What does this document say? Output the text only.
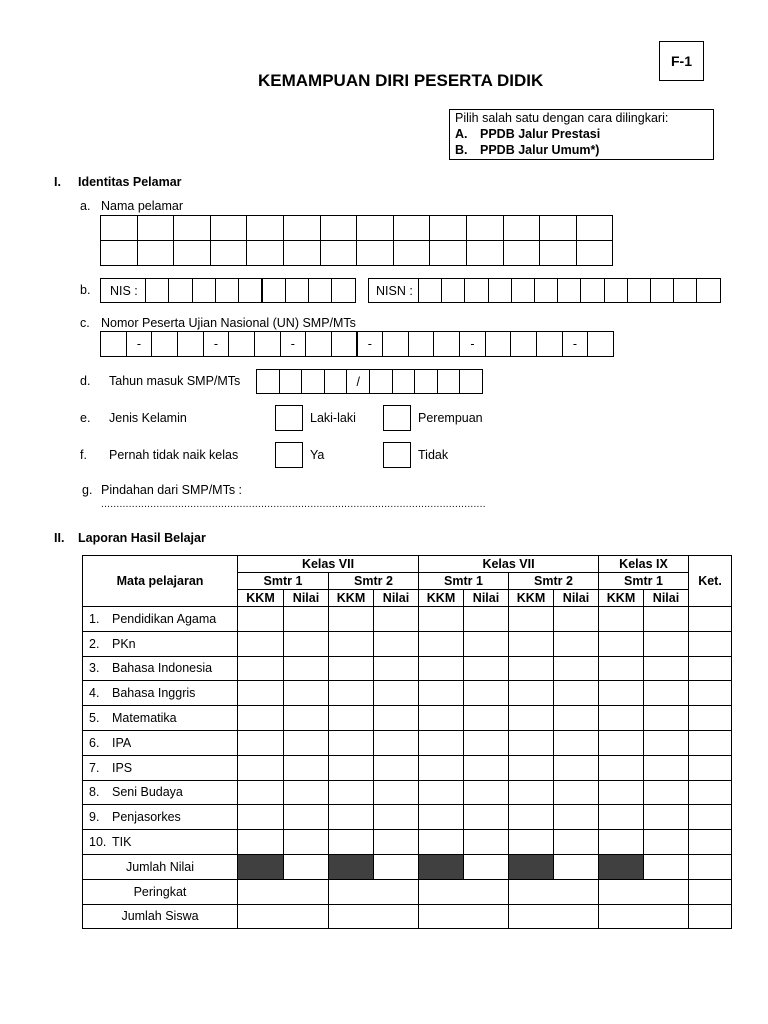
F-1
KEMAMPUAN DIRI PESERTA DIDIK
Pilih salah satu dengan cara dilingkari:
A. PPDB Jalur Prestasi
B. PPDB Jalur Umum*)
I. Identitas Pelamar
a. Nama pelamar
b. NIS :	NISN :
c. Nomor Peserta Ujian Nasional (UN) SMP/MTs
d. Tahun masuk SMP/MTs
e. Jenis Kelamin	Laki-laki	Perempuan
f. Pernah tidak naik kelas	Ya	Tidak
g. Pindahan dari SMP/MTs :
.............................................................................................................................
II. Laporan Hasil Belajar
Mata pelajaran	Kelas VII				Kelas VII				Kelas IX		Ket.
	Smtr 1		Smtr 2		Smtr 1		Smtr 2		Smtr 1		
	KKM	Nilai	KKM	Nilai	KKM	Nilai	KKM	Nilai	KKM	Nilai	
1. Pendidikan Agama											
2. PKn											
3. Bahasa Indonesia											
4. Bahasa Inggris											
5. Matematika											
6. IPA											
7. IPS											
8. Seni Budaya											
9. Penjasorkes											
10. TIK											
Jumlah Nilai											
Peringkat											
Jumlah Siswa											
-	-	-	-	-	-
/
